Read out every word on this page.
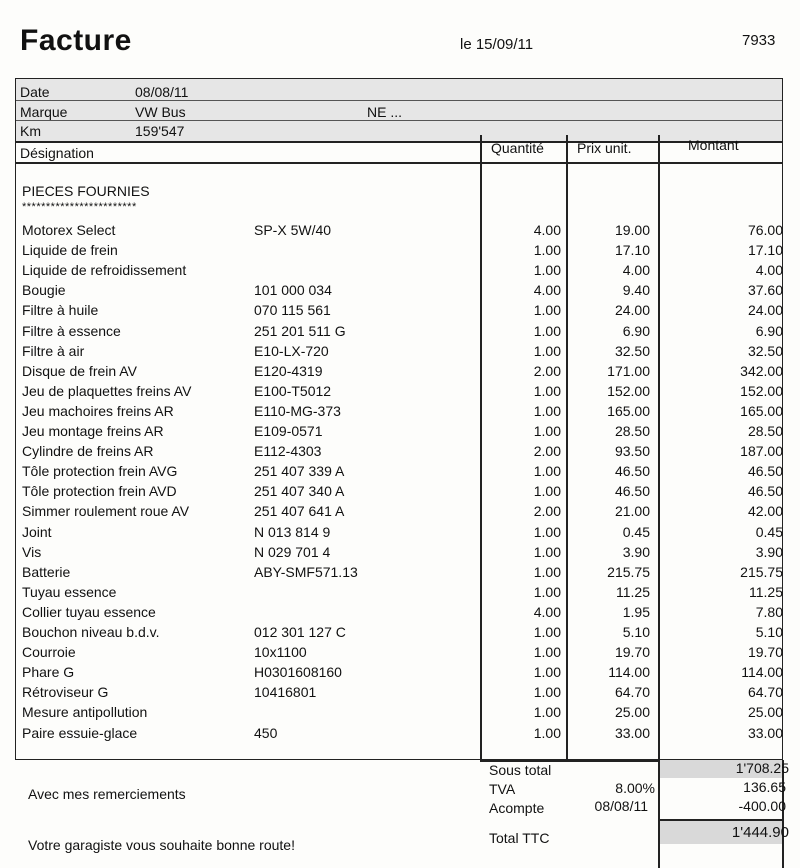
Facture	le 15/09/11	7933
Date	08/08/11
Marque	VW Bus	NE ...
Km	159'547
Désignation	Quantité Prix unit.	Montant
PIECES FOURNIES
************************
Motorex Select	SP-X 5W/40	4.00	19.00	76.00
Liquide de frein	1.00	17.10	17.10
Liquide de refroidissement	1.00	4.00	4.00
Bougie	101 000 034	4.00	9.40	37.60
Filtre à huile	070 115 561	1.00	24.00	24.00
Filtre à essence	251 201 511 G	1.00	6.90	6.90
Filtre à air	E10-LX-720	1.00	32.50	32.50
Disque de frein AV	E120-4319	2.00	171.00	342.00
Jeu de plaquettes freins AV	E100-T5012	1.00	152.00	152.00
Jeu machoires freins AR	E110-MG-373	1.00	165.00	165.00
Jeu montage freins AR	E109-0571	1.00	28.50	28.50
Cylindre de freins AR	E112-4303	2.00	93.50	187.00
Tôle protection frein AVG	251 407 339 A	1.00	46.50	46.50
Tôle protection frein AVD	251 407 340 A	1.00	46.50	46.50
Simmer roulement roue AV	251 407 641 A	2.00	21.00	42.00
Joint	N 013 814 9	1.00	0.45	0.45
Vis	N 029 701 4	1.00	3.90	3.90
Batterie	ABY-SMF571.13	1.00	215.75	215.75
Tuyau essence	1.00	11.25	11.25
Collier tuyau essence	4.00	1.95	7.80
Bouchon niveau b.d.v.	012 301 127 C	1.00	5.10	5.10
Courroie	10x1100	1.00	19.70	19.70
Phare G	H0301608160	1.00	114.00	114.00
Rétroviseur G	10416801	1.00	64.70	64.70
Mesure antipollution	1.00	25.00	25.00
Paire essuie-glace	450	1.00	33.00	33.00
Sous total	1'708.25
TVA	8.00%	136.65
Acompte	08/08/11	-400.00
Total TTC	1'444.90
Avec mes remerciements
Votre garagiste vous souhaite bonne route!
